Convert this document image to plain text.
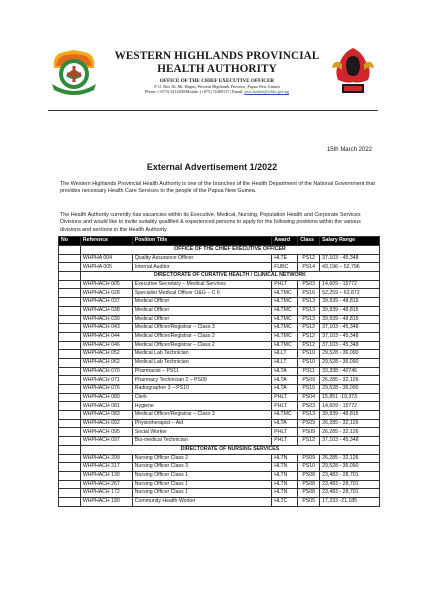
WESTERN HIGHLANDS PROVINCIAL
HEALTH AUTHORITY
OFFICE OF THE CHIEF EXECUTIVE OFFICER
P. O. Box 36, Mt. Hagen, Western Highlands Province, Papua New Guinea
Phone: (+675) 5411200/Mobile: (+675) 72469117 | Email: jaun.hulden@whhs.gov.pg
15th March 2022
External Advertisement 1/2022

The Western Highlands Provincial Health Authority is one of the branches of the Health Department of the National Government that provides necessary Health Care Services to the people of the Papua New Guinea.

The Health Authority currently has vacancies within its Executive, Medical, Nursing, Population Health and Corporate Services Divisions and would like to invite suitably qualified & experienced persons to apply for the following positions within the various divisions and sections in the Health Authority.

No	Reference	Position Title	Award	Class	Salary Range
	OFFICE OF THE CHIEF EXECUTIVE OFFICER				
	WHPHA 004	Quality Assurance Officer	HLTE	PS12	37,103 - 45,348
	WHPHA 005	Internal Auditor	FUBC	PS14	43,196 – 52,796
	DIRECTORATE OF CURATIVE HEALTH / CLINICAL NETWORK				
	WHPHACH 005	Executive Secretary – Medical Services	PHLT	PS03	14,609 - 15772
	WHPHACH 028	Specialist Medical Officer O&G – C 6	HLTMC	PS16	52,259 – 63,872
	WHPHACH 037	Medical Officer	HLTMC	PS13	39,939 - 48,815
	WHPHACH 038	Medical Officer	HLTMC	PS13	39,939 - 48,815
	WHPHACH 039	Medical Officer	HLTMC	PS13	39,939 - 48,815
	WHPHACH 043	Medical Officer/Registrar – Class 3	HLTMC	PS12	37,103 - 45,348
	WHPHACH 044	Medical Officer/Registrar – Class 2	HLTMC	PS12	37,103 - 45,348
	WHPHACH 046	Medical Officer/Registrar – Class 2	HLTMC	PS12	37,103 - 45,348
	WHPHACH 052	Medical Lab Technician	HLLT	PS10	29,528 - 36,090
	WHPHACH 062	Medical Lab Technician	HLLT	PS10	29,528 - 36,090
	WHPHACH 070	Pharmacist – PS11	HLTA	PS11	33,338 - 40746
	WHPHACH 071	Pharmacy Technician 2 – PS09	HLTA	PS09	26,285 - 32,126
	WHPHACH 076	Radiographer 3 – PS10	HLTA	PS10	29,528 - 36,090
	WHPHACH 080	Clerk	PHLT	PS04	15,851 -19,373
	WHPHACH 081	Hygiene	PHLT	PS03	14,609 - 15772
	WHPHACH 083	Medical Officer/Registrar – Class 3	HLTMC	PS13	39,939 - 48,815
	WHPHACH 092	Physiotherapist – Aid	HLTA	PS09	26,285 - 32,126
	WHPHACH 095	Social Worker	PHLT	PS09	26,285 - 32,126
	WHPHACH 097	Bio-medical Technician	PHLT	PS12	37,103 - 45,348
	DIRECTORATE OF NURSING SERVICES				
	WHPHACH 299	Nursing Officer Class 2	HLTN	PS09	26,285 - 32,126
	WHPHACH 217	Nursing Officer Class 3	HLTN	PS10	29,528 - 36,090
	WHPHACH 130	Nursing Officer Class 1	HLTN	PS08	23,483 - 28,701
	WHPHACH 267	Nursing Officer Class 1	HLTN	PS08	23,483 - 28,701
	WHPHACH 172	Nursing Officer Class 1	HLTN	PS08	23,483 - 28,701
	WHPHACH 180	Community Health Worker	HLTC	PS05	17,333 -21,185
